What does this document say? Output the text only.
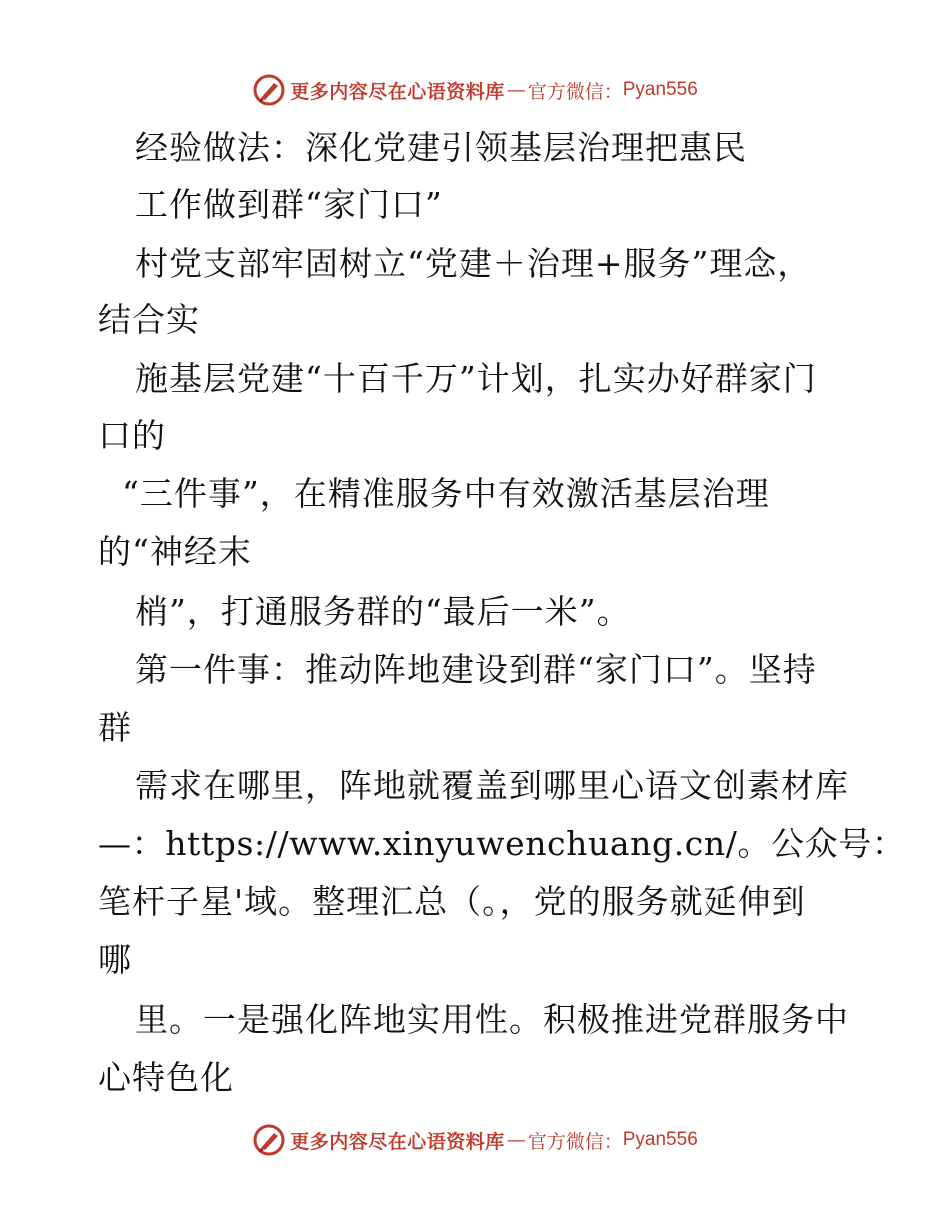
更多内容尽在心语资料库 — 官方微信： Pyan556
经验做法：深化党建引领基层治理把惠民
工作做到群“家门口”
村党支部牢固树立“党建＋治理+服务”理念，
结合实
施基层党建“十百千万”计划，扎实办好群家门
口的
“三件事”，在精准服务中有效激活基层治理
的“神经末
梢”，打通服务群的“最后一米”。
第一件事：推动阵地建设到群“家门口”。坚持
群
需求在哪里，阵地就覆盖到哪里心语文创素材库
—：https://www.xinyuwenchuang.cn/。公众号：
笔杆子星'域。整理汇总（。，党的服务就延伸到
哪
里。一是强化阵地实用性。积极推进党群服务中
心特色化
更多内容尽在心语资料库 — 官方微信： Pyan556
